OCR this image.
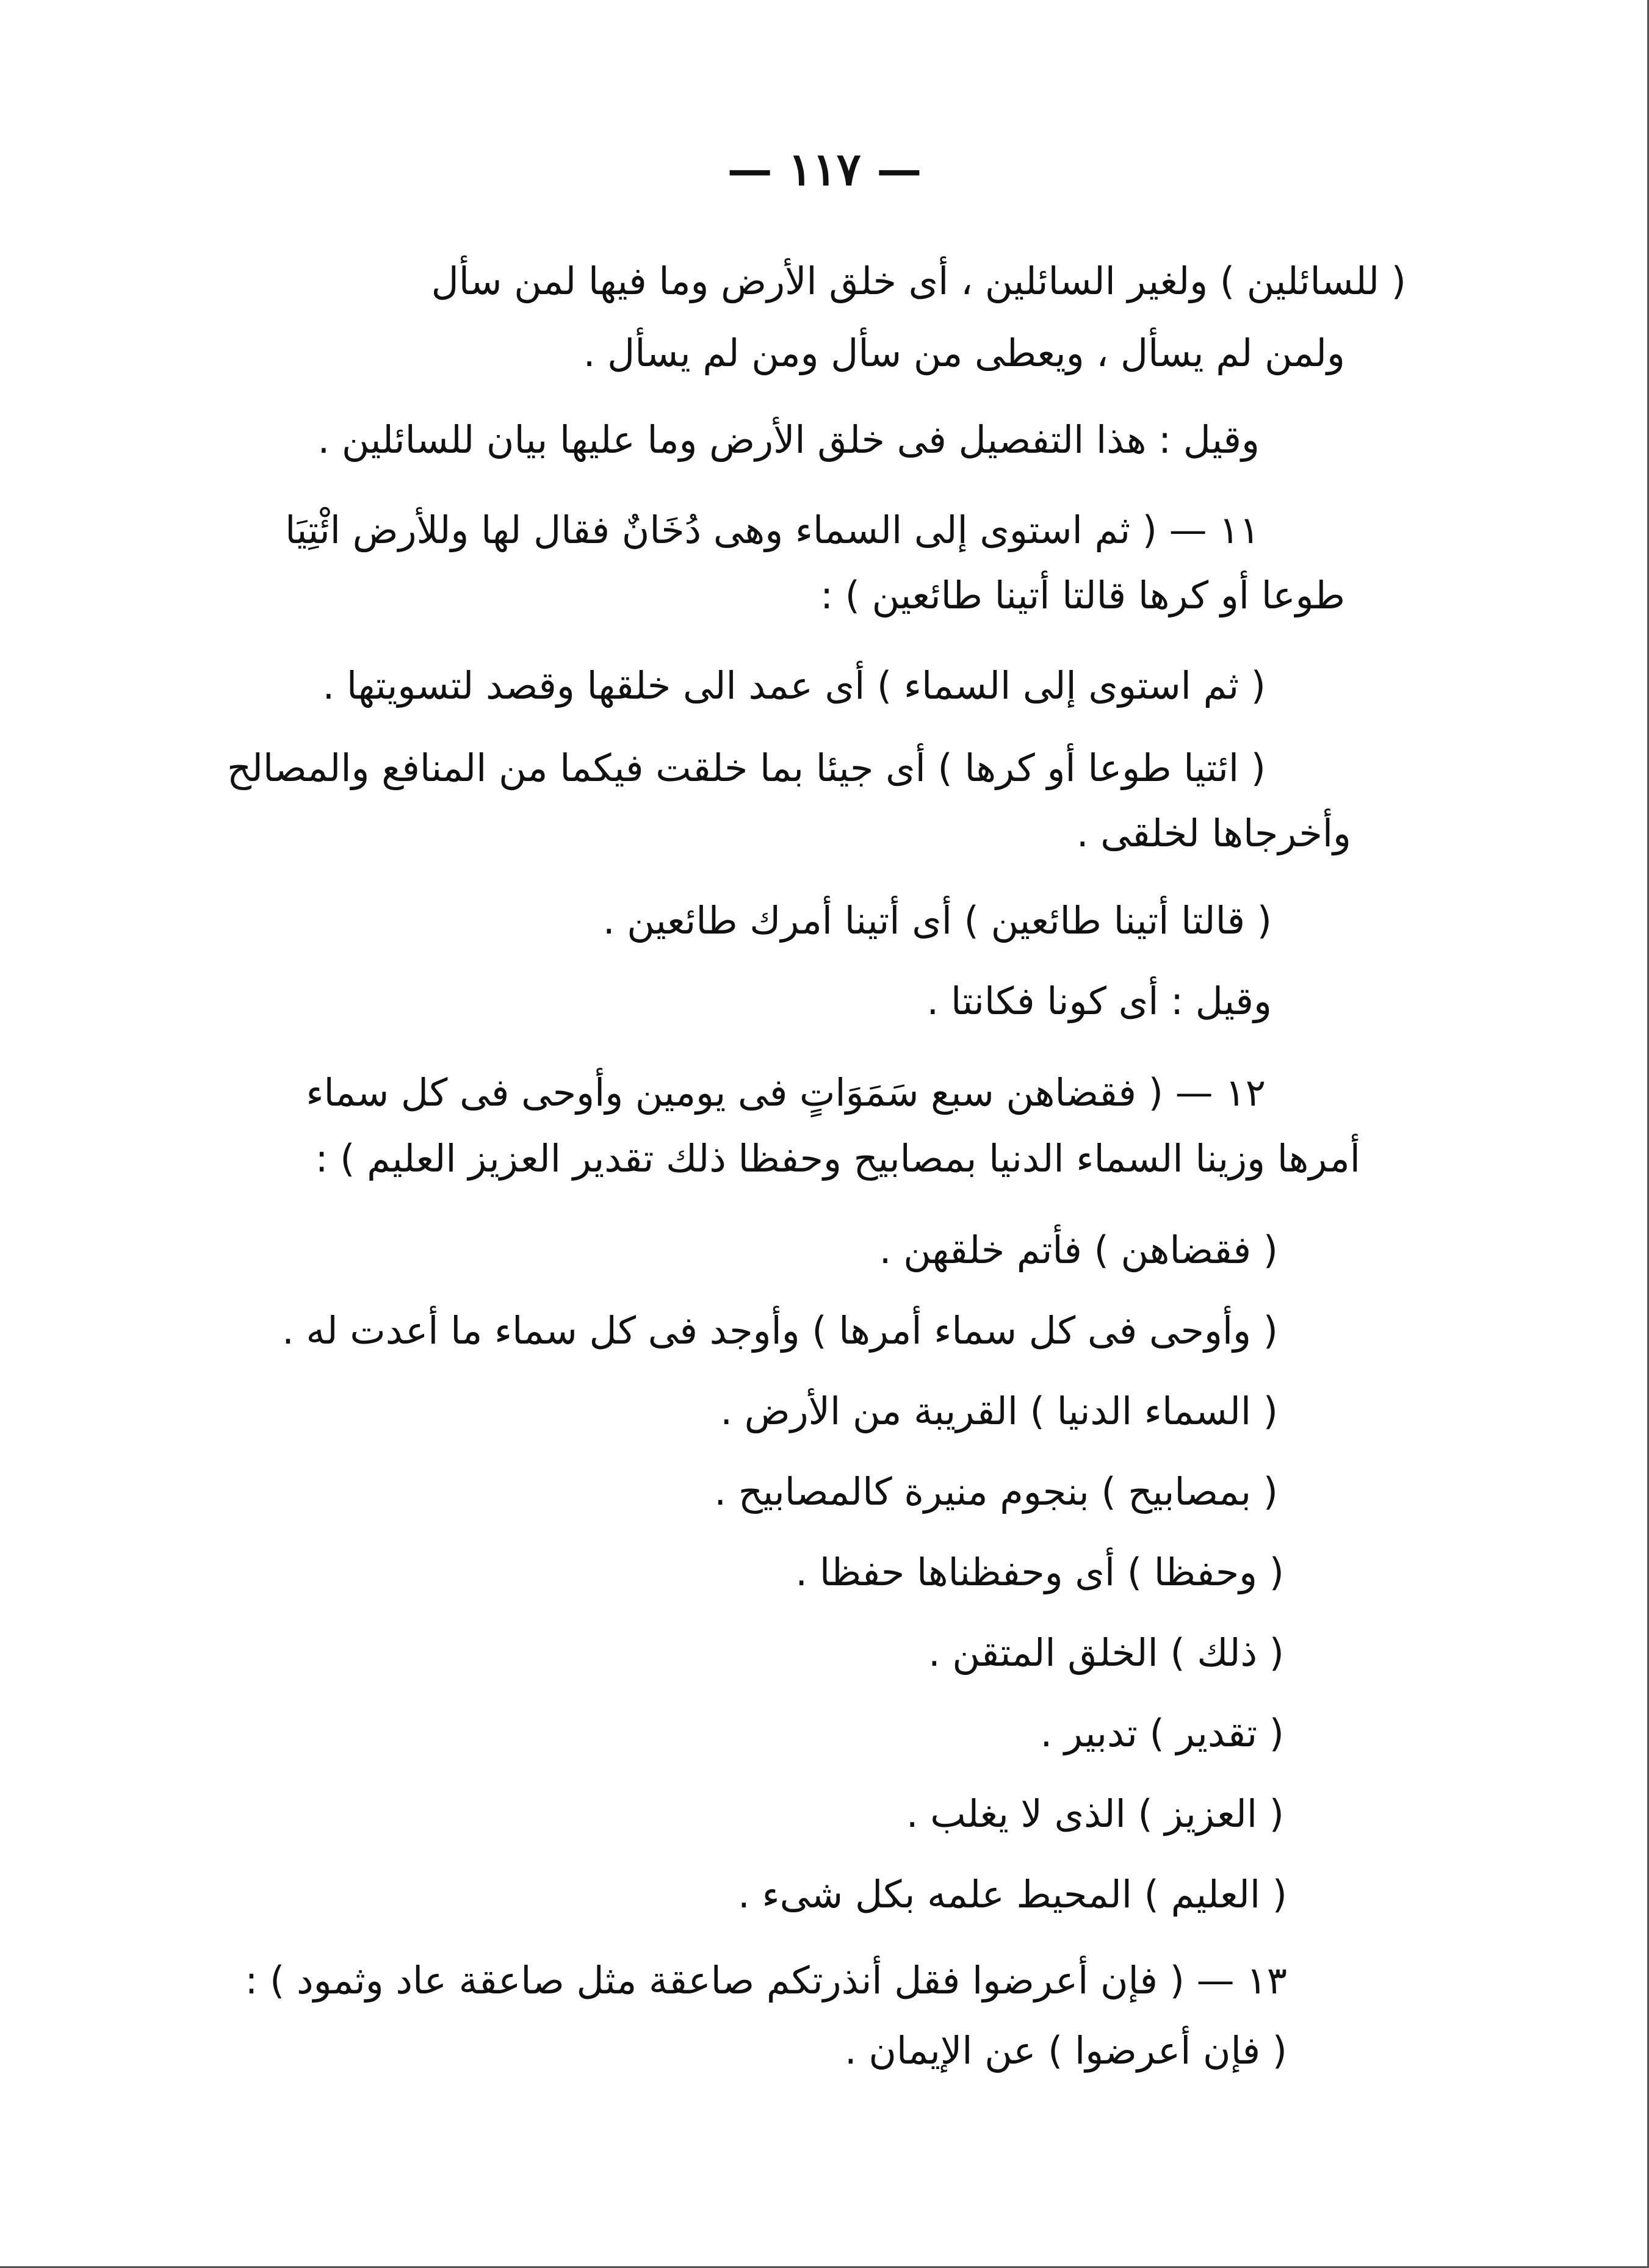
— ١١٧ —
( للسائلين ) ولغير السائلين ، أى خلق الأرض وما فيها لمن سأل
ولمن لم يسأل ، ويعطى من سأل ومن لم يسأل .
وقيل : هذا التفصيل فى خلق الأرض وما عليها بيان للسائلين .
١١ — ( ثم استوى إلى السماء وهى دُخَانٌ فقال لها وللأرض ائْتِيَا
طوعا أو كرها قالتا أتينا طائعين ) :
( ثم استوى إلى السماء ) أى عمد الى خلقها وقصد لتسويتها .
( ائتيا طوعا أو كرها ) أى جيئا بما خلقت فيكما من المنافع والمصالح
وأخرجاها لخلقى .
( قالتا أتينا طائعين ) أى أتينا أمرك طائعين .
وقيل : أى كونا فكانتا .
١٢ — ( فقضاهن سبع سَمَوَاتٍ فى يومين وأوحى فى كل سماء
أمرها وزينا السماء الدنيا بمصابيح وحفظا ذلك تقدير العزيز العليم ) :
( فقضاهن ) فأتم خلقهن .
( وأوحى فى كل سماء أمرها ) وأوجد فى كل سماء ما أعدت له .
( السماء الدنيا ) القريبة من الأرض .
( بمصابيح ) بنجوم منيرة كالمصابيح .
( وحفظا ) أى وحفظناها حفظا .
( ذلك ) الخلق المتقن .
( تقدير ) تدبير .
( العزيز ) الذى لا يغلب .
( العليم ) المحيط علمه بكل شىء .
١٣ — ( فإن أعرضوا فقل أنذرتكم صاعقة مثل صاعقة عاد وثمود ) :
( فإن أعرضوا ) عن الإيمان .
